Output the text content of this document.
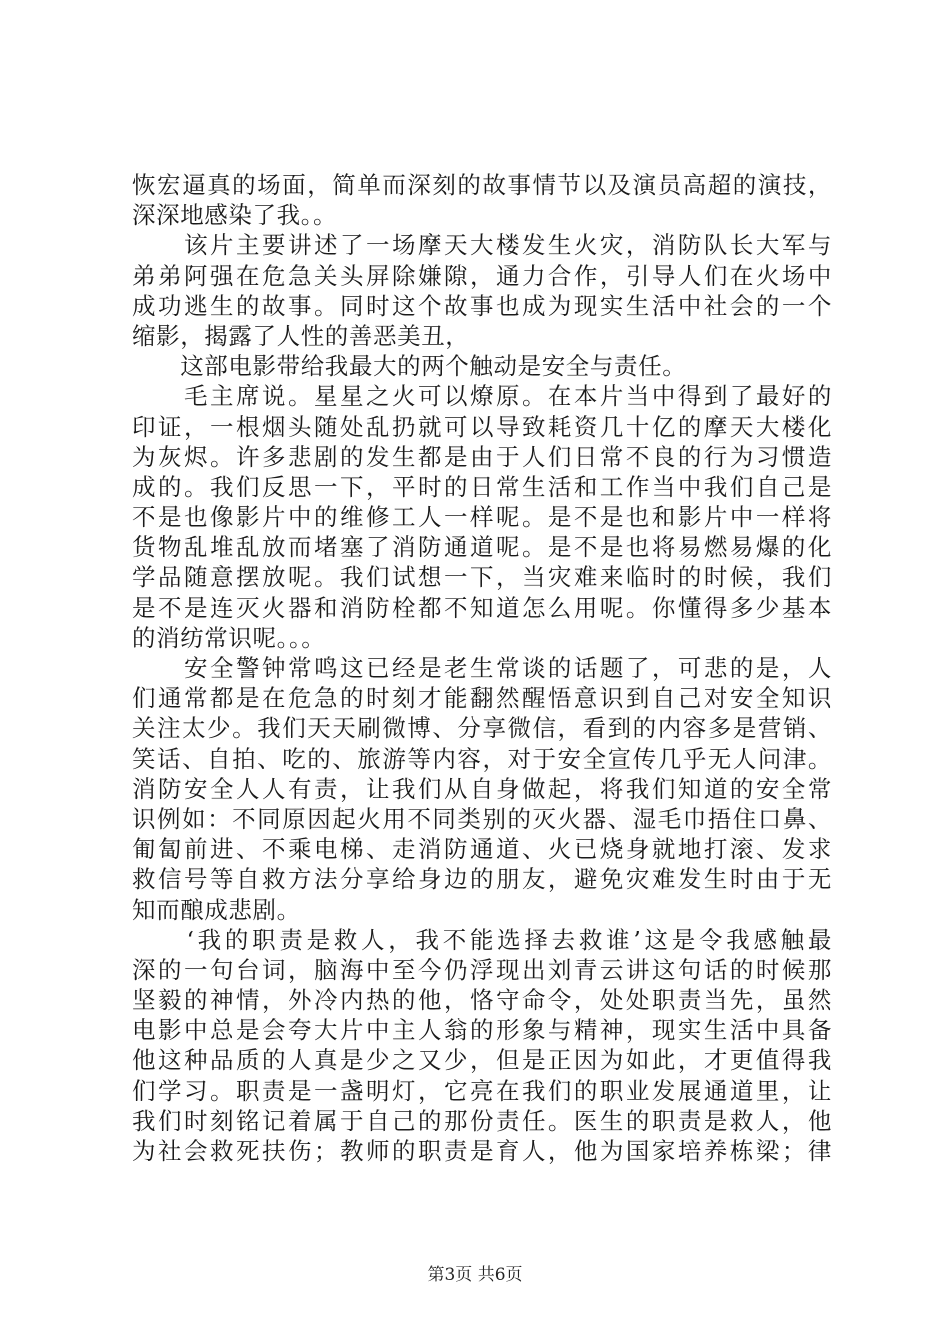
恢宏逼真的场面，简单而深刻的故事情节以及演员高超的演技，
深深地感染了我。。
　　该片主要讲述了一场摩天大楼发生火灾，消防队长大军与
弟弟阿强在危急关头屏除嫌隙，通力合作，引导人们在火场中
成功逃生的故事。同时这个故事也成为现实生活中社会的一个
缩影，揭露了人性的善恶美丑，
　　这部电影带给我最大的两个触动是安全与责任。
　　毛主席说。星星之火可以燎原。在本片当中得到了最好的
印证，一根烟头随处乱扔就可以导致耗资几十亿的摩天大楼化
为灰烬。许多悲剧的发生都是由于人们日常不良的行为习惯造
成的。我们反思一下，平时的日常生活和工作当中我们自己是
不是也像影片中的维修工人一样呢。是不是也和影片中一样将
货物乱堆乱放而堵塞了消防通道呢。是不是也将易燃易爆的化
学品随意摆放呢。我们试想一下，当灾难来临时的时候，我们
是不是连灭火器和消防栓都不知道怎么用呢。你懂得多少基本
的消纺常识呢。。。
　　安全警钟常鸣这已经是老生常谈的话题了，可悲的是，人
们通常都是在危急的时刻才能翻然醒悟意识到自己对安全知识
关注太少。我们天天刷微博、分享微信，看到的内容多是营销、
笑话、自拍、吃的、旅游等内容，对于安全宣传几乎无人问津。
消防安全人人有责，让我们从自身做起，将我们知道的安全常
识例如：不同原因起火用不同类别的灭火器、湿毛巾捂住口鼻、
匍匐前进、不乘电梯、走消防通道、火已烧身就地打滚、发求
救信号等自救方法分享给身边的朋友，避免灾难发生时由于无
知而酿成悲剧。
　　‘我的职责是救人，我不能选择去救谁’这是令我感触最
深的一句台词，脑海中至今仍浮现出刘青云讲这句话的时候那
坚毅的神情，外冷内热的他，恪守命令，处处职责当先，虽然
电影中总是会夸大片中主人翁的形象与精神，现实生活中具备
他这种品质的人真是少之又少，但是正因为如此，才更值得我
们学习。职责是一盏明灯，它亮在我们的职业发展通道里，让
我们时刻铭记着属于自己的那份责任。医生的职责是救人，他
为社会救死扶伤；教师的职责是育人，他为国家培养栋梁；律
第3页 共6页
